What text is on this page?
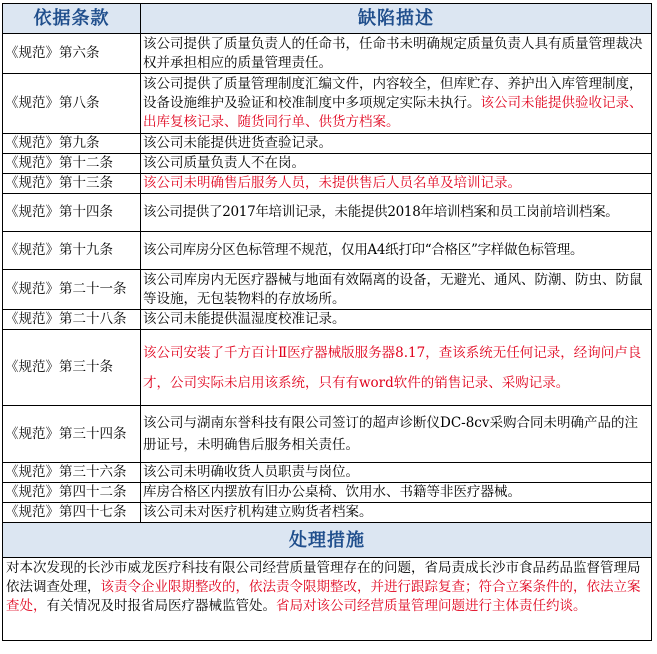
依据条款	缺陷描述
《规范》第六条	该公司提供了质量负责人的任命书，任命书未明确规定质量负责人具有质量管理裁决权并承担相应的质量管理责任。
《规范》第八条	该公司提供了质量管理制度汇编文件，内容较全，但库贮存、养护出入库管理制度，设备设施维护及验证和校准制度中多项规定实际未执行。该公司未能提供验收记录、出库复核记录、随货同行单、供货方档案。
《规范》第九条	该公司未能提供进货查验记录。
《规范》第十二条	该公司质量负责人不在岗。
《规范》第十三条	该公司未明确售后服务人员，未提供售后人员名单及培训记录。
《规范》第十四条	该公司提供了2017年培训记录，未能提供2018年培训档案和员工岗前培训档案。
《规范》第十九条	该公司库房分区色标管理不规范，仅用A4纸打印“合格区”字样做色标管理。
《规范》第二十一条	该公司库房内无医疗器械与地面有效隔离的设备，无避光、通风、防潮、防虫、防鼠等设施，无包装物料的存放场所。
《规范》第二十八条	该公司未能提供温湿度校准记录。
《规范》第三十条	该公司安装了千方百计Ⅱ医疗器械版服务器8.17，查该系统无任何记录，经询问卢良才，公司实际未启用该系统，只有有word软件的销售记录、采购记录。
《规范》第三十四条	该公司与湖南东誉科技有限公司签订的超声诊断仪DC-8cv采购合同未明确产品的注册证号，未明确售后服务相关责任。
《规范》第三十六条	该公司未明确收货人员职责与岗位。
《规范》第四十二条	库房合格区内摆放有旧办公桌椅、饮用水、书籍等非医疗器械。
《规范》第四十七条	该公司未对医疗机构建立购货者档案。
处理措施	
对本次发现的长沙市威龙医疗科技有限公司经营质量管理存在的问题，省局责成长沙市食品药品监督管理局依法调查处理，该责令企业限期整改的，依法责令限期整改，并进行跟踪复查；符合立案条件的，依法立案查处，有关情况及时报省局医疗器械监管处。省局对该公司经营质量管理问题进行主体责任约谈。	
